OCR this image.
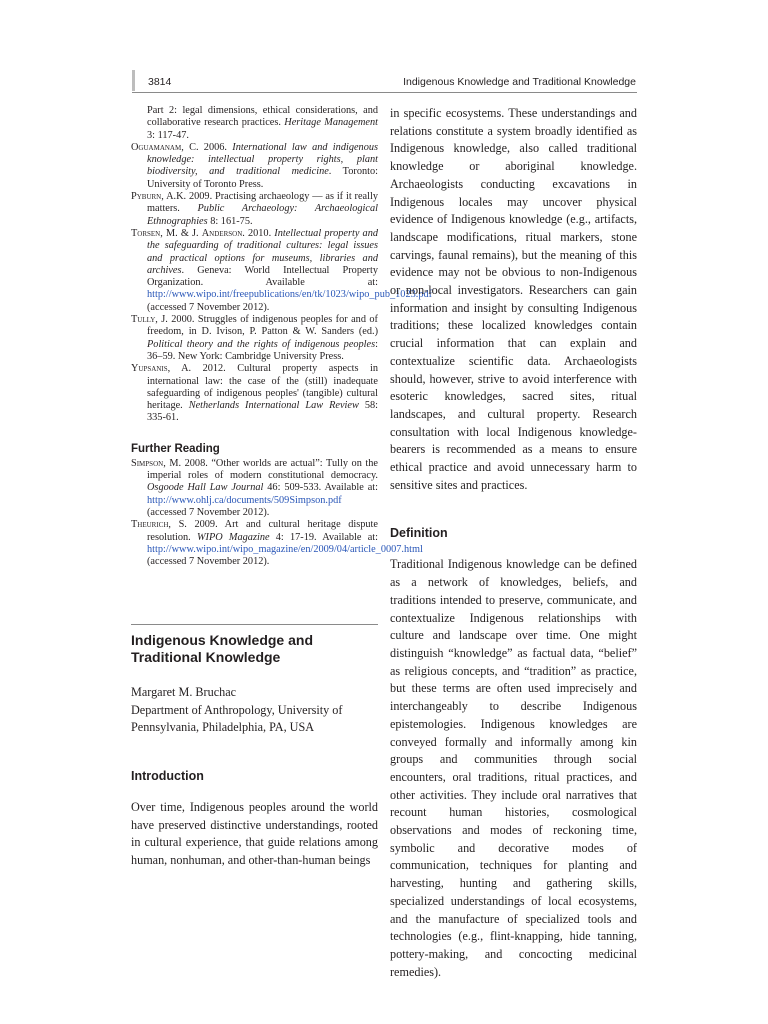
3814	Indigenous Knowledge and Traditional Knowledge

Part 2: legal dimensions, ethical considerations, and collaborative research practices. Heritage Management 3: 117-47.

Oguamanam, C. 2006. International law and indigenous knowledge: intellectual property rights, plant biodiversity, and traditional medicine. Toronto: University of Toronto Press.

Pyburn, A.K. 2009. Practising archaeology — as if it really matters. Public Archaeology: Archaeological Ethnographies 8: 161-75.

Torsen, M. & J. Anderson. 2010. Intellectual property and the safeguarding of traditional cultures: legal issues and practical options for museums, libraries and archives. Geneva: World Intellectual Property Organization. Available at: http://www.wipo.int/freepublications/en/tk/1023/wipo_pub_1023.pdf (accessed 7 November 2012).

Tully, J. 2000. Struggles of indigenous peoples for and of freedom, in D. Ivison, P. Patton & W. Sanders (ed.) Political theory and the rights of indigenous peoples: 36–59. New York: Cambridge University Press.

Yupsanis, A. 2012. Cultural property aspects in international law: the case of the (still) inadequate safeguarding of indigenous peoples' (tangible) cultural heritage. Netherlands International Law Review 58: 335-61.

Further Reading

Simpson, M. 2008. “Other worlds are actual”: Tully on the imperial roles of modern constitutional democracy. Osgoode Hall Law Journal 46: 509-533. Available at: http://www.ohlj.ca/documents/509Simpson.pdf (accessed 7 November 2012).

Theurich, S. 2009. Art and cultural heritage dispute resolution. WIPO Magazine 4: 17-19. Available at: http://www.wipo.int/wipo_magazine/en/2009/04/article_0007.html (accessed 7 November 2012).

Indigenous Knowledge and Traditional Knowledge

Margaret M. Bruchac

Department of Anthropology, University of Pennsylvania, Philadelphia, PA, USA

Introduction

Over time, Indigenous peoples around the world have preserved distinctive understandings, rooted in cultural experience, that guide relations among human, nonhuman, and other-than-human beings

in specific ecosystems. These understandings and relations constitute a system broadly identified as Indigenous knowledge, also called traditional knowledge or aboriginal knowledge. Archaeologists conducting excavations in Indigenous locales may uncover physical evidence of Indigenous knowledge (e.g., artifacts, landscape modifications, ritual markers, stone carvings, faunal remains), but the meaning of this evidence may not be obvious to non-Indigenous or non-local investigators. Researchers can gain information and insight by consulting Indigenous traditions; these localized knowledges contain crucial information that can explain and contextualize scientific data. Archaeologists should, however, strive to avoid interference with esoteric knowledges, sacred sites, ritual landscapes, and cultural property. Research consultation with local Indigenous knowledge-bearers is recommended as a means to ensure ethical practice and avoid unnecessary harm to sensitive sites and practices.

Definition

Traditional Indigenous knowledge can be defined as a network of knowledges, beliefs, and traditions intended to preserve, communicate, and contextualize Indigenous relationships with culture and landscape over time. One might distinguish “knowledge” as factual data, “belief” as religious concepts, and “tradition” as practice, but these terms are often used imprecisely and interchangeably to describe Indigenous epistemologies. Indigenous knowledges are conveyed formally and informally among kin groups and communities through social encounters, oral traditions, ritual practices, and other activities. They include oral narratives that recount human histories, cosmological observations and modes of reckoning time, symbolic and decorative modes of communication, techniques for planting and harvesting, hunting and gathering skills, specialized understandings of local ecosystems, and the manufacture of specialized tools and technologies (e.g., flint-knapping, hide tanning, pottery-making, and concocting medicinal remedies).
